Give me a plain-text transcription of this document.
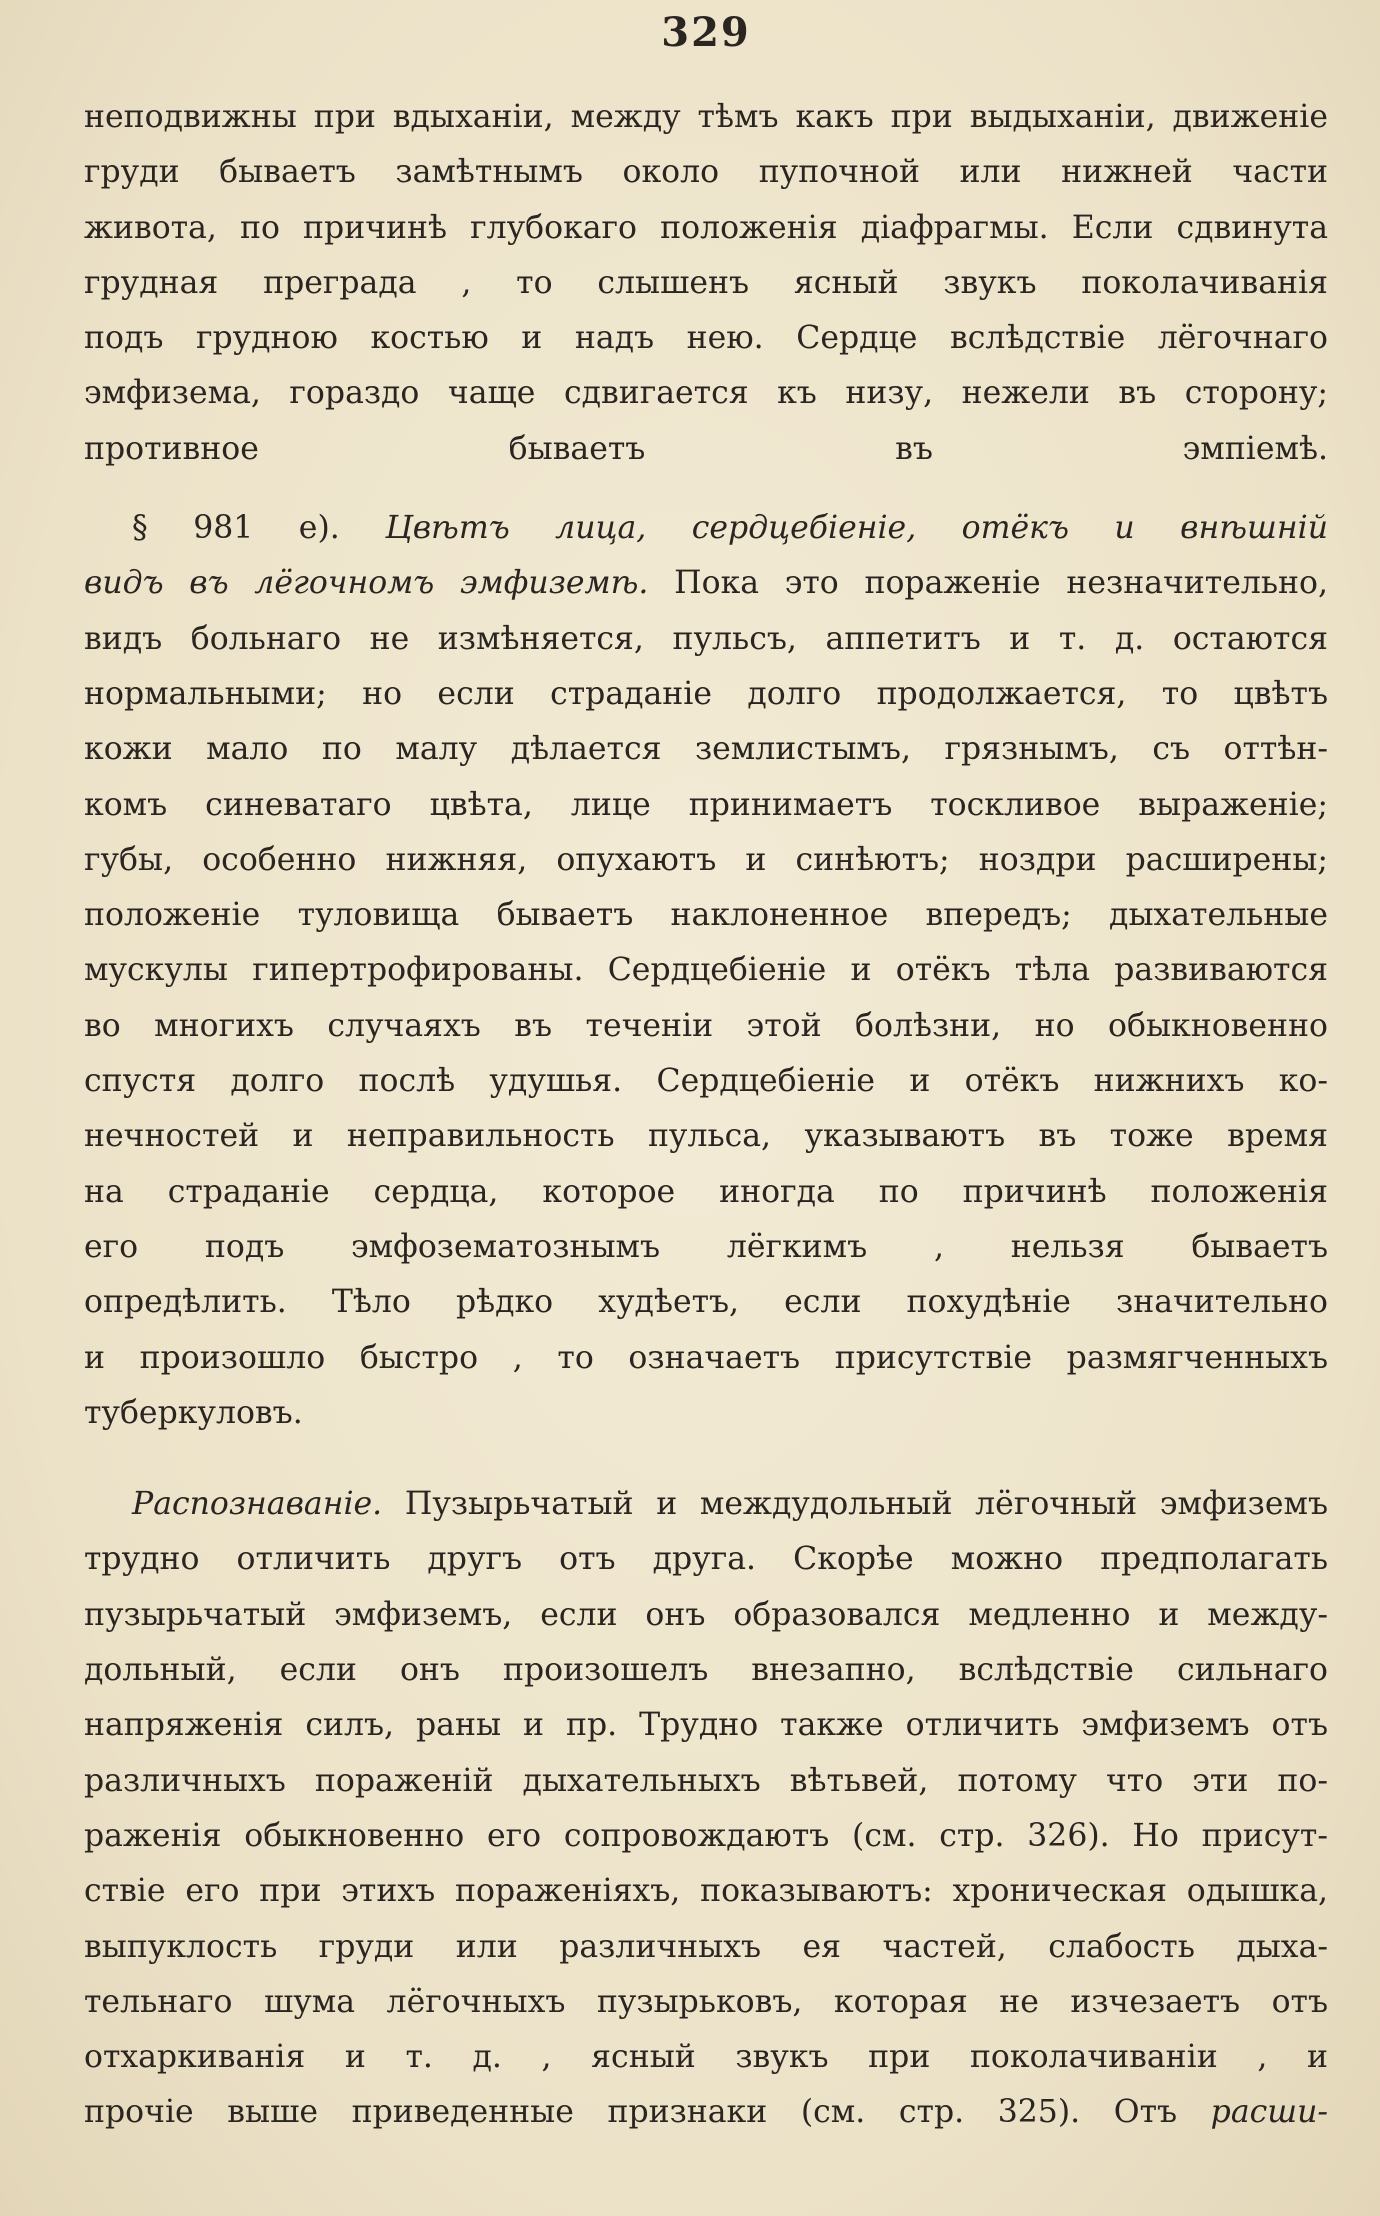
329
неподвижны при вдыханіи, между тѣмъ какъ при выдыханіи, движеніе
груди бываетъ замѣтнымъ около пупочной или нижней части
живота, по причинѣ глубокаго положенія діафрагмы. Если сдвинута
грудная преграда , то слышенъ ясный звукъ поколачиванія
подъ грудною костью и надъ нею. Сердце вслѣдствіе лёгочнаго
эмфизема, гораздо чаще сдвигается къ низу, нежели въ сторону;
противное бываетъ въ эмпіемѣ.
§ 981 е). Цвѣтъ лица, сердцебіеніе, отёкъ и внѣшній
видъ въ лёгочномъ эмфиземѣ. Пока это пораженіе незначительно,
видъ больнаго не измѣняется, пульсъ, аппетитъ и т. д. остаются
нормальными; но если страданіе долго продолжается, то цвѣтъ
кожи мало по малу дѣлается землистымъ, грязнымъ, съ оттѣн-
комъ синеватаго цвѣта, лице принимаетъ тоскливое выраженіе;
губы, особенно нижняя, опухаютъ и синѣютъ; ноздри расширены;
положеніе туловища бываетъ наклоненное впередъ; дыхательные
мускулы гипертрофированы. Сердцебіеніе и отёкъ тѣла развиваются
во многихъ случаяхъ въ теченіи этой болѣзни, но обыкновенно
спустя долго послѣ удушья. Сердцебіеніе и отёкъ нижнихъ ко-
нечностей и неправильность пульса, указываютъ въ тоже время
на страданіе сердца, которое иногда по причинѣ положенія
его подъ эмфозематознымъ лёгкимъ , нельзя бываетъ
опредѣлить. Тѣло рѣдко худѣетъ, если похудѣніе значительно
и произошло быстро , то означаетъ присутствіе размягченныхъ
туберкуловъ.
Распознаваніе. Пузырьчатый и междудольный лёгочный эмфиземъ
трудно отличить другъ отъ друга. Скорѣе можно предполагать
пузырьчатый эмфиземъ, если онъ образовался медленно и между-
дольный, если онъ произошелъ внезапно, вслѣдствіе сильнаго
напряженія силъ, раны и пр. Трудно также отличить эмфиземъ отъ
различныхъ пораженій дыхательныхъ вѣтьвей, потому что эти по-
раженія обыкновенно его сопровождаютъ (см. стр. 326). Но присут-
ствіе его при этихъ пораженіяхъ, показываютъ: хроническая одышка,
выпуклость груди или различныхъ ея частей, слабость дыха-
тельнаго шума лёгочныхъ пузырьковъ, которая не изчезаетъ отъ
отхаркиванія и т. д. , ясный звукъ при поколачиваніи , и
прочіе выше приведенные признаки (см. стр. 325). Отъ расши-
